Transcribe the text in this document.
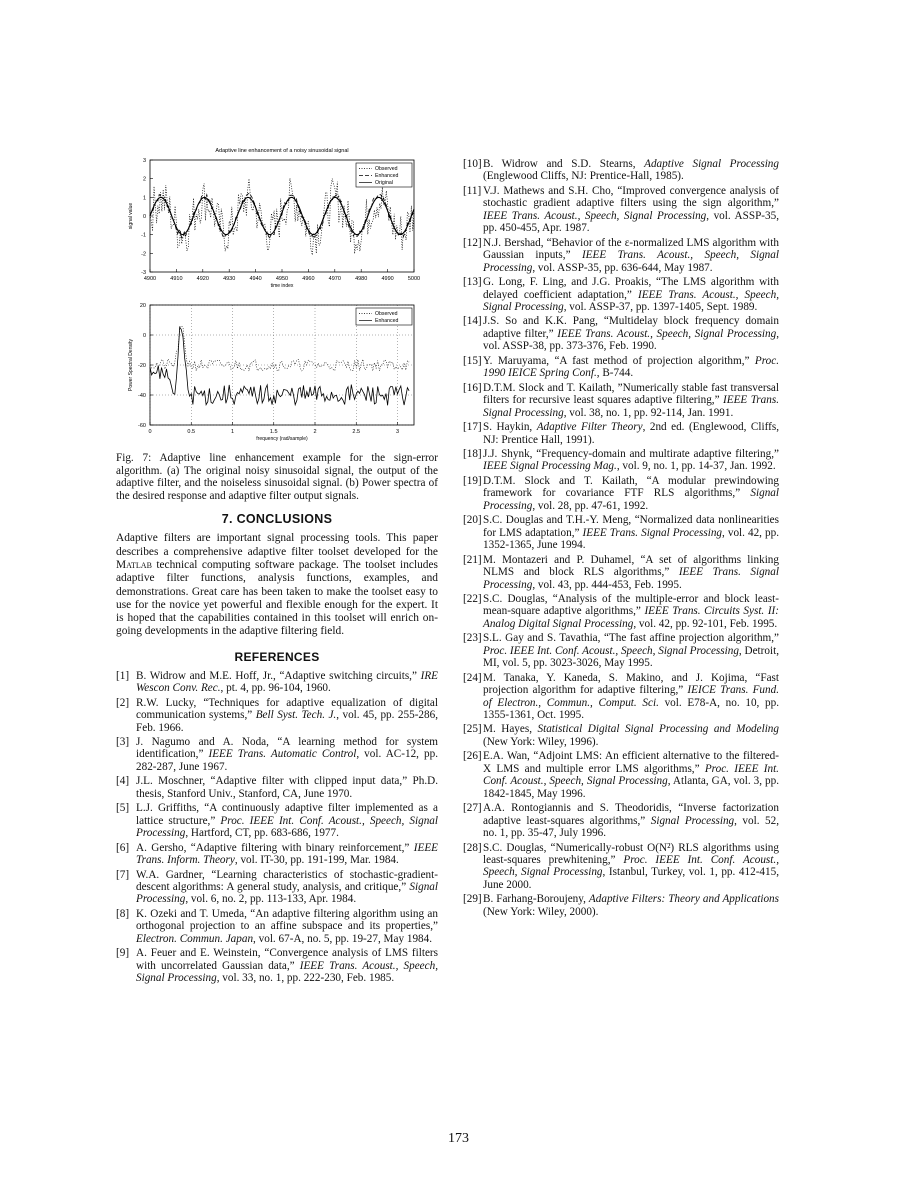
Adaptive line enhancement of a noisy sinusoidal signal
4900	4910	4920	4930	4940	4950	4960	4970	4980	4990	5000
3
2
1
0
-1
-2
-3
time index
signal value
Observed
Enhanced
Original

0	0.5	1	1.5	2	2.5	3
20
0
-20
-40
-60
frequency (rad/sample)
Power Spectral Density
Observed
Enhanced
Fig. 7: Adaptive line enhancement example for the sign-error algorithm. (a) The original noisy sinusoidal signal, the output of the adaptive filter, and the noiseless sinusoidal signal. (b) Power spectra of the desired response and adaptive filter output signals.
7. CONCLUSIONS
Adaptive filters are important signal processing tools. This paper describes a comprehensive adaptive filter toolset developed for the Matlab technical computing software package. The toolset includes adaptive filter functions, analysis functions, examples, and demonstrations. Great care has been taken to make the toolset easy to use for the novice yet powerful and flexible enough for the expert. It is hoped that the capabilities contained in this toolset will enrich on-going developments in the adaptive filtering field.
REFERENCES
[1] B. Widrow and M.E. Hoff, Jr., “Adaptive switching circuits,” IRE Wescon Conv. Rec., pt. 4, pp. 96-104, 1960.
[2] R.W. Lucky, “Techniques for adaptive equalization of digital communication systems,” Bell Syst. Tech. J., vol. 45, pp. 255-286, Feb. 1966.
[3] J. Nagumo and A. Noda, “A learning method for system identification,” IEEE Trans. Automatic Control, vol. AC-12, pp. 282-287, June 1967.
[4] J.L. Moschner, “Adaptive filter with clipped input data,” Ph.D. thesis, Stanford Univ., Stanford, CA, June 1970.
[5] L.J. Griffiths, “A continuously adaptive filter implemented as a lattice structure,” Proc. IEEE Int. Conf. Acoust., Speech, Signal Processing, Hartford, CT, pp. 683-686, 1977.
[6] A. Gersho, “Adaptive filtering with binary reinforcement,” IEEE Trans. Inform. Theory, vol. IT-30, pp. 191-199, Mar. 1984.
[7] W.A. Gardner, “Learning characteristics of stochastic-gradient-descent algorithms: A general study, analysis, and critique,” Signal Processing, vol. 6, no. 2, pp. 113-133, Apr. 1984.
[8] K. Ozeki and T. Umeda, “An adaptive filtering algorithm using an orthogonal projection to an affine subspace and its properties,” Electron. Commun. Japan, vol. 67-A, no. 5, pp. 19-27, May 1984.
[9] A. Feuer and E. Weinstein, “Convergence analysis of LMS filters with uncorrelated Gaussian data,” IEEE Trans. Acoust., Speech, Signal Processing, vol. 33, no. 1, pp. 222-230, Feb. 1985.
[10] B. Widrow and S.D. Stearns, Adaptive Signal Processing (Englewood Cliffs, NJ: Prentice-Hall, 1985).
[11] V.J. Mathews and S.H. Cho, “Improved convergence analysis of stochastic gradient adaptive filters using the sign algorithm,” IEEE Trans. Acoust., Speech, Signal Processing, vol. ASSP-35, pp. 450-455, Apr. 1987.
[12] N.J. Bershad, “Behavior of the ε-normalized LMS algorithm with Gaussian inputs,” IEEE Trans. Acoust., Speech, Signal Processing, vol. ASSP-35, pp. 636-644, May 1987.
[13] G. Long, F. Ling, and J.G. Proakis, “The LMS algorithm with delayed coefficient adaptation,” IEEE Trans. Acoust., Speech, Signal Processing, vol. ASSP-37, pp. 1397-1405, Sept. 1989.
[14] J.S. So and K.K. Pang, “Multidelay block frequency domain adaptive filter,” IEEE Trans. Acoust., Speech, Signal Processing, vol. ASSP-38, pp. 373-376, Feb. 1990.
[15] Y. Maruyama, “A fast method of projection algorithm,” Proc. 1990 IEICE Spring Conf., B-744.
[16] D.T.M. Slock and T. Kailath, ”Numerically stable fast transversal filters for recursive least squares adaptive filtering,” IEEE Trans. Signal Processing, vol. 38, no. 1, pp. 92-114, Jan. 1991.
[17] S. Haykin, Adaptive Filter Theory, 2nd ed. (Englewood, Cliffs, NJ: Prentice Hall, 1991).
[18] J.J. Shynk, “Frequency-domain and multirate adaptive filtering,” IEEE Signal Processing Mag., vol. 9, no. 1, pp. 14-37, Jan. 1992.
[19] D.T.M. Slock and T. Kailath, “A modular prewindowing framework for covariance FTF RLS algorithms,” Signal Processing, vol. 28, pp. 47-61, 1992.
[20] S.C. Douglas and T.H.-Y. Meng, “Normalized data nonlinearities for LMS adaptation,” IEEE Trans. Signal Processing, vol. 42, pp. 1352-1365, June 1994.
[21] M. Montazeri and P. Duhamel, “A set of algorithms linking NLMS and block RLS algorithms,” IEEE Trans. Signal Processing, vol. 43, pp. 444-453, Feb. 1995.
[22] S.C. Douglas, “Analysis of the multiple-error and block least-mean-square adaptive algorithms,” IEEE Trans. Circuits Syst. II: Analog Digital Signal Processing, vol. 42, pp. 92-101, Feb. 1995.
[23] S.L. Gay and S. Tavathia, “The fast affine projection algorithm,” Proc. IEEE Int. Conf. Acoust., Speech, Signal Processing, Detroit, MI, vol. 5, pp. 3023-3026, May 1995.
[24] M. Tanaka, Y. Kaneda, S. Makino, and J. Kojima, “Fast projection algorithm for adaptive filtering,” IEICE Trans. Fund. of Electron., Commun., Comput. Sci. vol. E78-A, no. 10, pp. 1355-1361, Oct. 1995.
[25] M. Hayes, Statistical Digital Signal Processing and Modeling (New York: Wiley, 1996).
[26] E.A. Wan, “Adjoint LMS: An efficient alternative to the filtered-X LMS and multiple error LMS algorithms,” Proc. IEEE Int. Conf. Acoust., Speech, Signal Processing, Atlanta, GA, vol. 3, pp. 1842-1845, May 1996.
[27] A.A. Rontogiannis and S. Theodoridis, “Inverse factorization adaptive least-squares algorithms,” Signal Processing, vol. 52, no. 1, pp. 35-47, July 1996.
[28] S.C. Douglas, “Numerically-robust O(N²) RLS algorithms using least-squares prewhitening,” Proc. IEEE Int. Conf. Acoust., Speech, Signal Processing, Istanbul, Turkey, vol. 1, pp. 412-415, June 2000.
[29] B. Farhang-Boroujeny, Adaptive Filters: Theory and Applications (New York: Wiley, 2000).
173
